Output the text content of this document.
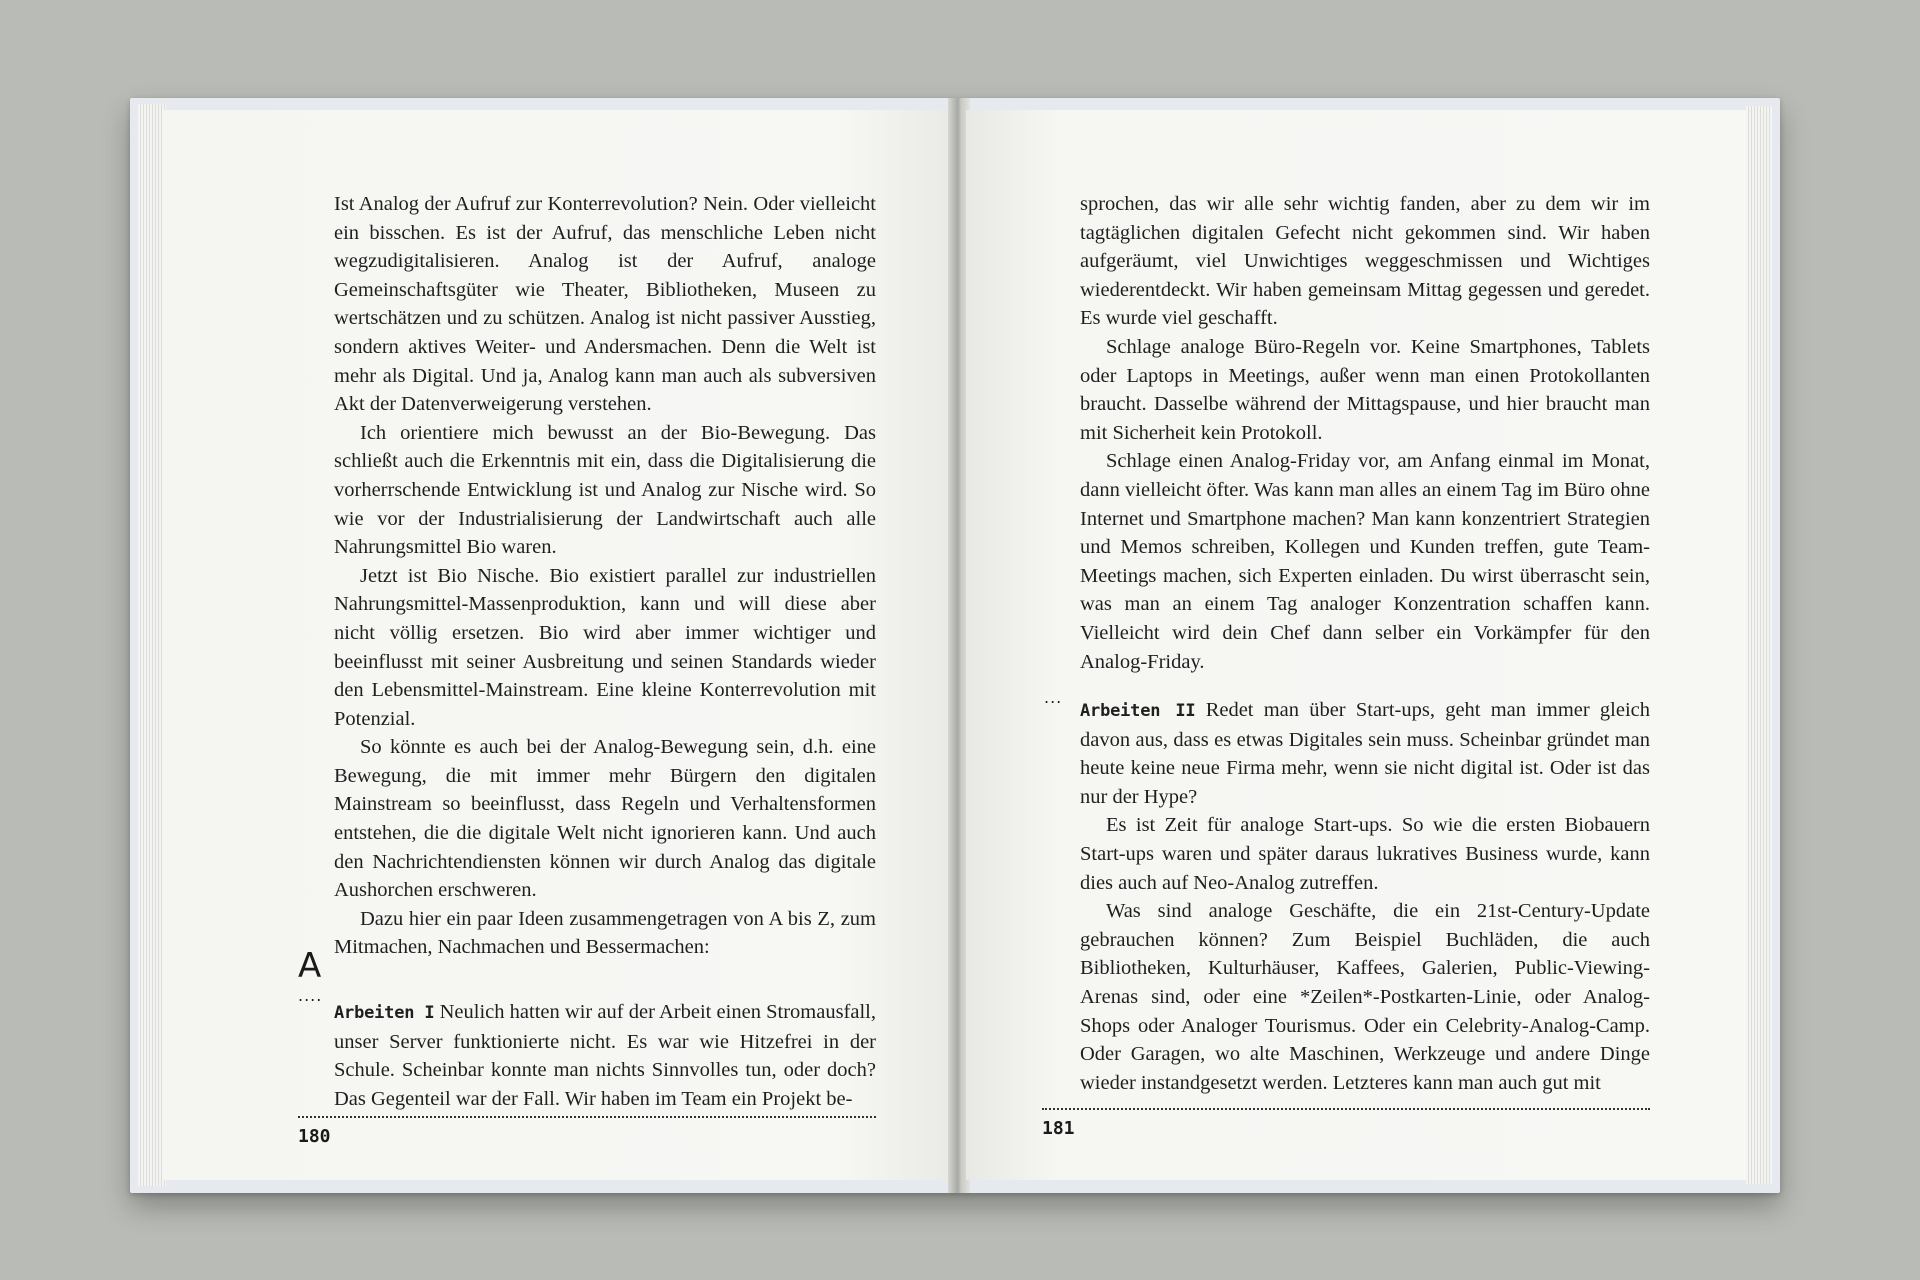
Ist Analog der Aufruf zur Konterrevolution? Nein. Oder vielleicht ein bisschen. Es ist der Aufruf, das menschliche Leben nicht wegzudigitalisieren. Analog ist der Aufruf, analoge Gemeinschaftsgüter wie Theater, Bibliotheken, Museen zu wertschätzen und zu schützen. Analog ist nicht passiver Ausstieg, sondern aktives Weiter- und Andersmachen. Denn die Welt ist mehr als Digital. Und ja, Analog kann man auch als subversiven Akt der Datenverweigerung verstehen.

Ich orientiere mich bewusst an der Bio-Bewegung. Das schließt auch die Erkenntnis mit ein, dass die Digitalisierung die vorherrschende Entwicklung ist und Analog zur Nische wird. So wie vor der Industrialisierung der Landwirtschaft auch alle Nahrungsmittel Bio waren.

Jetzt ist Bio Nische. Bio existiert parallel zur industriellen Nahrungsmittel-Massenproduktion, kann und will diese aber nicht völlig ersetzen. Bio wird aber immer wichtiger und beeinflusst mit seiner Ausbreitung und seinen Standards wieder den Lebensmittel-Mainstream. Eine kleine Konterrevolution mit Potenzial.

So könnte es auch bei der Analog-Bewegung sein, d.h. eine Bewegung, die mit immer mehr Bürgern den digitalen Mainstream so beeinflusst, dass Regeln und Verhaltensformen entstehen, die die digitale Welt nicht ignorieren kann. Und auch den Nachrichtendiensten können wir durch Analog das digitale Aushorchen erschweren.

Dazu hier ein paar Ideen zusammengetragen von A bis Z, zum Mitmachen, Nachmachen und Bessermachen:

Arbeiten I Neulich hatten wir auf der Arbeit einen Stromausfall, unser Server funktionierte nicht. Es war wie Hitzefrei in der Schule. Scheinbar konnte man nichts Sinnvolles tun, oder doch? Das Gegenteil war der Fall. Wir haben im Team ein Projekt be-

A
....
180

sprochen, das wir alle sehr wichtig fanden, aber zu dem wir im tagtäglichen digitalen Gefecht nicht gekommen sind. Wir haben aufgeräumt, viel Unwichtiges weggeschmissen und Wichtiges wiederentdeckt. Wir haben gemeinsam Mittag gegessen und geredet. Es wurde viel geschafft.

Schlage analoge Büro-Regeln vor. Keine Smartphones, Tablets oder Laptops in Meetings, außer wenn man einen Protokollanten braucht. Dasselbe während der Mittagspause, und hier braucht man mit Sicherheit kein Protokoll.

Schlage einen Analog-Friday vor, am Anfang einmal im Monat, dann vielleicht öfter. Was kann man alles an einem Tag im Büro ohne Internet und Smartphone machen? Man kann konzentriert Strategien und Memos schreiben, Kollegen und Kunden treffen, gute Team-Meetings machen, sich Experten einladen. Du wirst überrascht sein, was man an einem Tag analoger Konzentration schaffen kann. Vielleicht wird dein Chef dann selber ein Vorkämpfer für den Analog-Friday.

Arbeiten II Redet man über Start-ups, geht man immer gleich davon aus, dass es etwas Digitales sein muss. Scheinbar gründet man heute keine neue Firma mehr, wenn sie nicht digital ist. Oder ist das nur der Hype?

Es ist Zeit für analoge Start-ups. So wie die ersten Biobauern Start-ups waren und später daraus lukratives Business wurde, kann dies auch auf Neo-Analog zutreffen.

Was sind analoge Geschäfte, die ein 21st-Century-Update gebrauchen können? Zum Beispiel Buchläden, die auch Bibliotheken, Kulturhäuser, Kaffees, Galerien, Public-Viewing-Arenas sind, oder eine *Zeilen*-Postkarten-Linie, oder Analog-Shops oder Analoger Tourismus. Oder ein Celebrity-Analog-Camp. Oder Garagen, wo alte Maschinen, Werkzeuge und andere Dinge wieder instandgesetzt werden. Letzteres kann man auch gut mit

...
181
